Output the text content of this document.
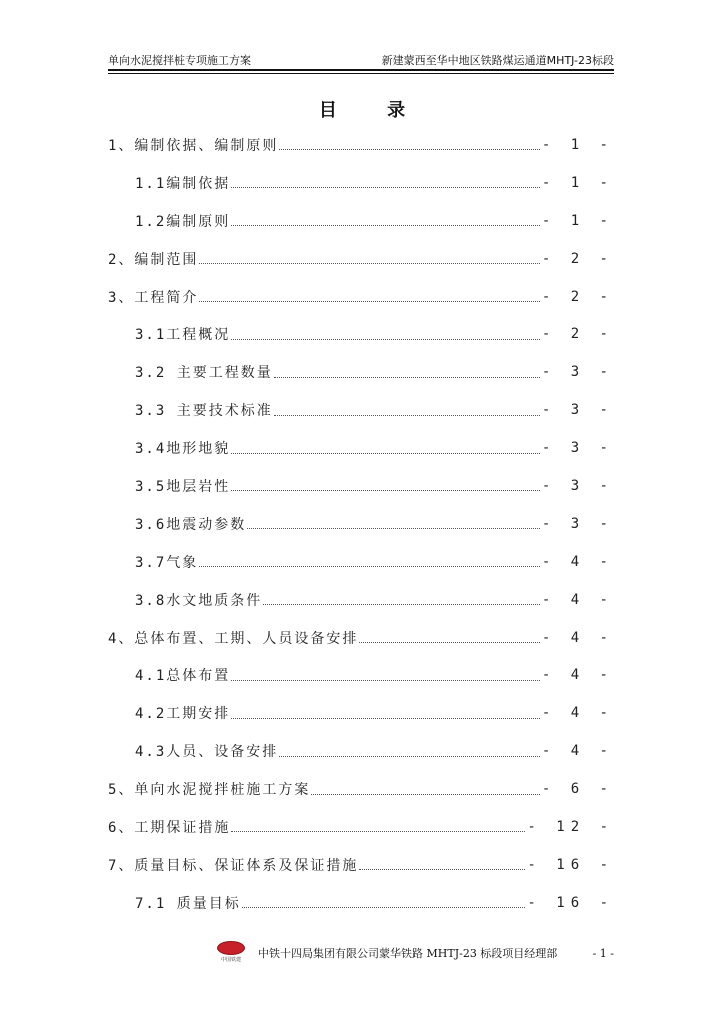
单向水泥搅拌桩专项施工方案	新建蒙西至华中地区铁路煤运通道MHTJ-23标段
目 录
1、编制依据、编制原则	- 1 -
1.1编制依据	- 1 -
1.2编制原则	- 1 -
2、编制范围	- 2 -
3、工程简介	- 2 -
3.1工程概况	- 2 -
3.2 主要工程数量	- 3 -
3.3 主要技术标准	- 3 -
3.4地形地貌	- 3 -
3.5地层岩性	- 3 -
3.6地震动参数	- 3 -
3.7气象	- 4 -
3.8水文地质条件	- 4 -
4、总体布置、工期、人员设备安排	- 4 -
4.1总体布置	- 4 -
4.2工期安排	- 4 -
4.3人员、设备安排	- 4 -
5、单向水泥搅拌桩施工方案	- 6 -
6、工期保证措施	- 12 -
7、质量目标、保证体系及保证措施	- 16 -
7.1 质量目标	- 16 -
中国铁建 中铁十四局集团有限公司蒙华铁路 MHTJ-23 标段项目经理部	- 1 -
